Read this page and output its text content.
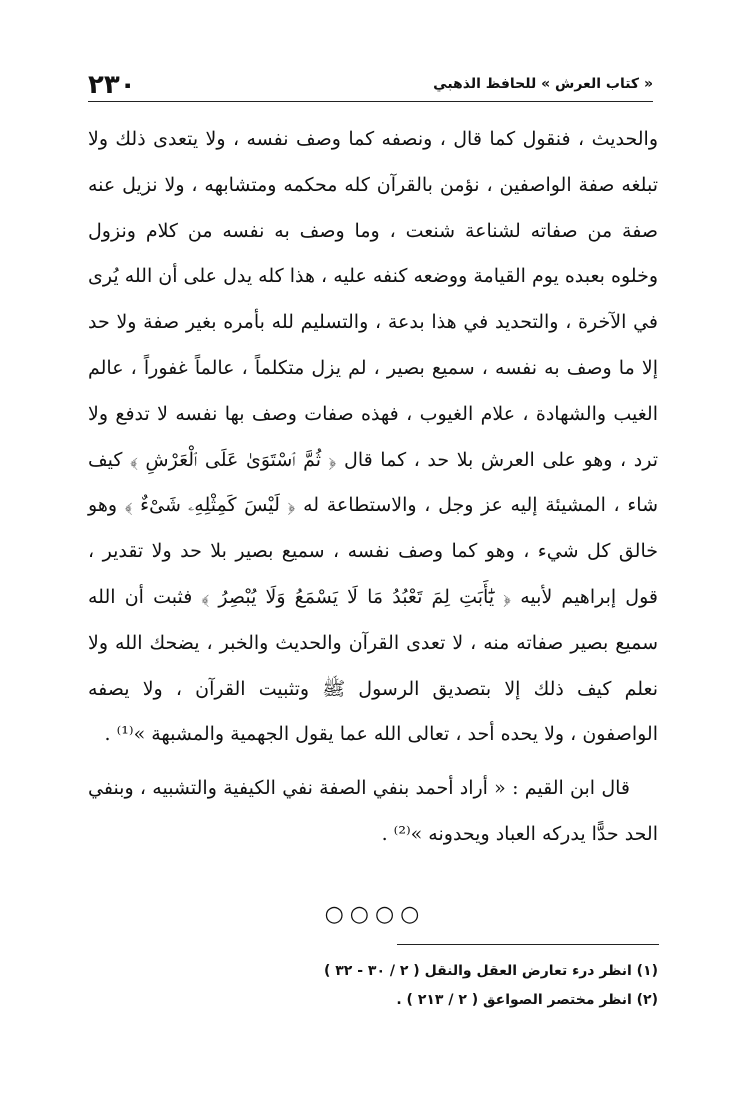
« كتاب العرش » للحافظ الذهبي
٢٣٠

والحديث ، فنقول كما قال ، ونصفه كما وصف نفسه ، ولا يتعدى ذلك ولا تبلغه صفة الواصفين ، نؤمن بالقرآن كله محكمه ومتشابهه ، ولا نزيل عنه صفة من صفاته لشناعة شنعت ، وما وصف به نفسه من كلام ونزول وخلوه بعبده يوم القيامة ووضعه كنفه عليه ، هذا كله يدل على أن الله يُرى في الآخرة ، والتحديد في هذا بدعة ، والتسليم لله بأمره بغير صفة ولا حد إلا ما وصف به نفسه ، سميع بصير ، لم يزل متكلماً ، عالماً غفوراً ، عالم الغيب والشهادة ، علام الغيوب ، فهذه صفات وصف بها نفسه لا تدفع ولا ترد ، وهو على العرش بلا حد ، كما قال ﴿ ثُمَّ ٱسْتَوَىٰ عَلَى ٱلْعَرْشِ ﴾ كيف شاء ، المشيئة إليه عز وجل ، والاستطاعة له ﴿ لَيْسَ كَمِثْلِهِۦ شَىْءٌ ﴾ وهو خالق كل شيء ، وهو كما وصف نفسه ، سميع بصير بلا حد ولا تقدير ، قول إبراهيم لأبيه ﴿ يَٰٓأَبَتِ لِمَ تَعْبُدُ مَا لَا يَسْمَعُ وَلَا يُبْصِرُ ﴾ فثبت أن الله سميع بصير صفاته منه ، لا تعدى القرآن والحديث والخبر ، يضحك الله ولا نعلم كيف ذلك إلا بتصديق الرسول ﷺ وتثبيت القرآن ، ولا يصفه الواصفون ، ولا يحده أحد ، تعالى الله عما يقول الجهمية والمشبهة »⁽¹⁾ .

قال ابن القيم : « أراد أحمد بنفي الصفة نفي الكيفية والتشبيه ، وبنفي الحد حدًّا يدركه العباد ويحدونه »⁽²⁾ .

○○○○
(١) انظر درء تعارض العقل والنقل ( ٢ / ٣٠ - ٣٢ )
(٢) انظر مختصر الصواعق ( ٢ / ٢١٣ ) .
